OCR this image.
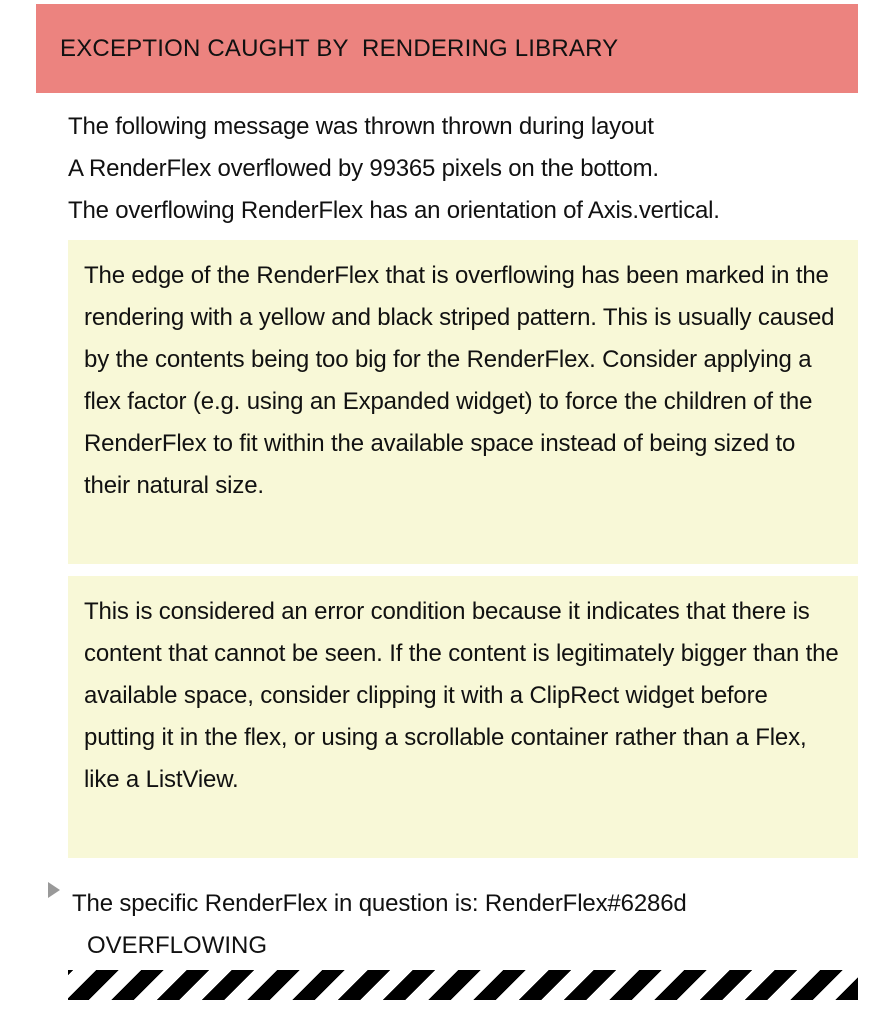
EXCEPTION CAUGHT BY  RENDERING LIBRARY
The following message was thrown thrown during layout
A RenderFlex overflowed by 99365 pixels on the bottom.
The overflowing RenderFlex has an orientation of Axis.vertical.

The edge of the RenderFlex that is overflowing has been marked in the rendering with a yellow and black striped pattern. This is usually caused by the contents being too big for the RenderFlex. Consider applying a flex factor (e.g. using an Expanded widget) to force the children of the RenderFlex to fit within the available space instead of being sized to their natural size.

This is considered an error condition because it indicates that there is content that cannot be seen. If the content is legitimately bigger than the available space, consider clipping it with a ClipRect widget before putting it in the flex, or using a scrollable container rather than a Flex, like a ListView.

The specific RenderFlex in question is: RenderFlex#6286d
OVERFLOWING
